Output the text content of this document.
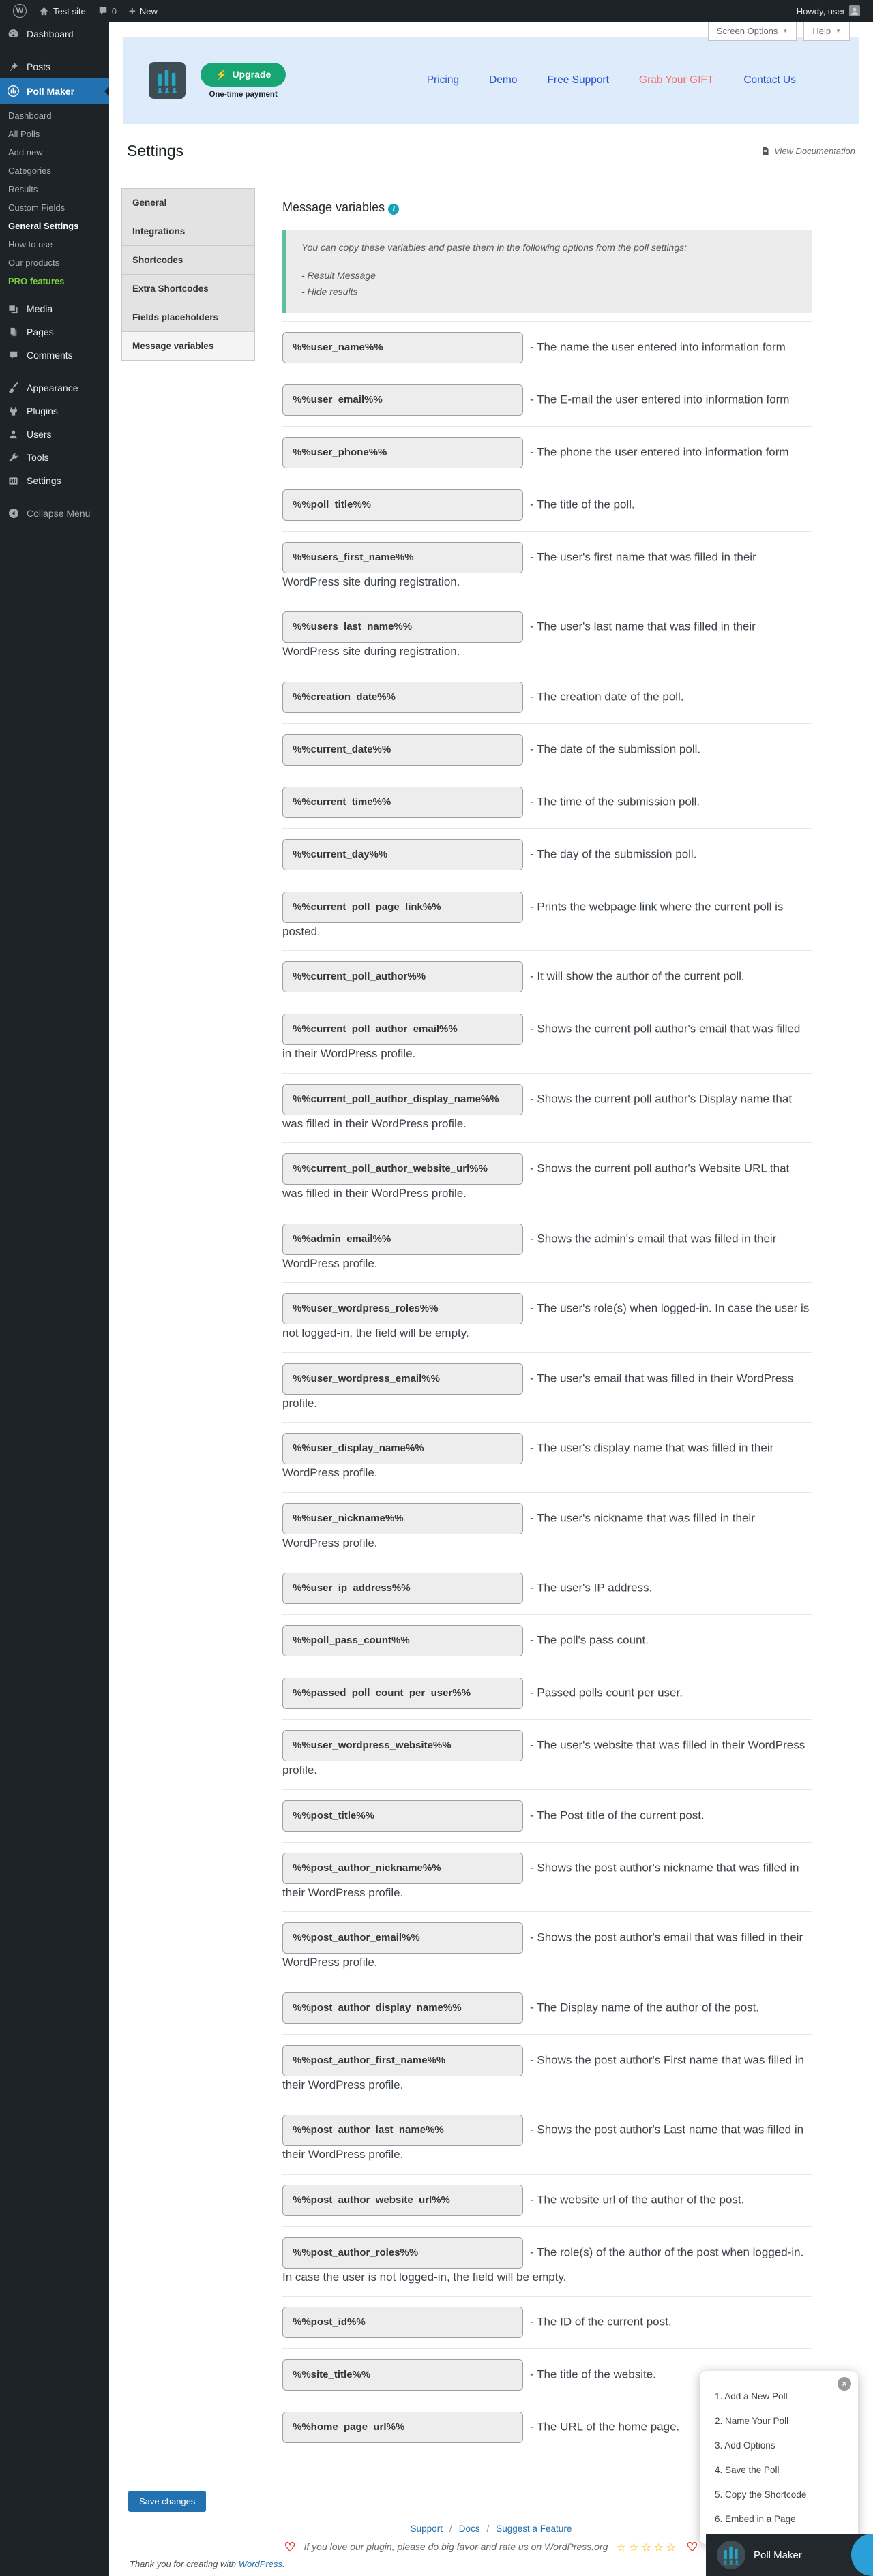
W	Test site	0 + New	Howdy, user
Dashboard
Posts
Poll Maker
Dashboard
All Polls
Add new
Categories
Results
Custom Fields
General Settings
How to use
Our products
PRO features
Media
Pages
Comments
Appearance
Plugins
Users
Tools
Settings
Collapse Menu
Screen Options ▼	Help ▼
⚡ Upgrade
One-time payment
Pricing	Demo	Free Support	Grab Your GIFT	Contact Us
Settings	View Documentation
General
Integrations
Shortcodes
Extra Shortcodes
Fields placeholders
Message variables
Message variables i
You can copy these variables and paste them in the following options from the poll settings:
- Result Message
- Hide results
%%user_name%%	- The name the user entered into information form
%%user_email%%	- The E-mail the user entered into information form
%%user_phone%%	- The phone the user entered into information form
%%poll_title%%	- The title of the poll.
%%users_first_name%%	- The user's first name that was filled in their WordPress site during registration.
%%users_last_name%%	- The user's last name that was filled in their WordPress site during registration.
%%creation_date%%	- The creation date of the poll.
%%current_date%%	- The date of the submission poll.
%%current_time%%	- The time of the submission poll.
%%current_day%%	- The day of the submission poll.
%%current_poll_page_link%%	- Prints the webpage link where the current poll is posted.
%%current_poll_author%%	- It will show the author of the current poll.
%%current_poll_author_email%%	- Shows the current poll author's email that was filled in their WordPress profile.
%%current_poll_author_display_name%%	- Shows the current poll author's Display name that was filled in their WordPress profile.
%%current_poll_author_website_url%%	- Shows the current poll author's Website URL that was filled in their WordPress profile.
%%admin_email%%	- Shows the admin's email that was filled in their WordPress profile.
%%user_wordpress_roles%%	- The user's role(s) when logged-in. In case the user is not logged-in, the field will be empty.
%%user_wordpress_email%%	- The user's email that was filled in their WordPress profile.
%%user_display_name%%	- The user's display name that was filled in their WordPress profile.
%%user_nickname%%	- The user's nickname that was filled in their WordPress profile.
%%user_ip_address%%	- The user's IP address.
%%poll_pass_count%%	- The poll's pass count.
%%passed_poll_count_per_user%%	- Passed polls count per user.
%%user_wordpress_website%%	- The user's website that was filled in their WordPress profile.
%%post_title%%	- The Post title of the current post.
%%post_author_nickname%%	- Shows the post author's nickname that was filled in their WordPress profile.
%%post_author_email%%	- Shows the post author's email that was filled in their WordPress profile.
%%post_author_display_name%%	- The Display name of the author of the post.
%%post_author_first_name%%	- Shows the post author's First name that was filled in their WordPress profile.
%%post_author_last_name%%	- Shows the post author's Last name that was filled in their WordPress profile.
%%post_author_website_url%%	- The website url of the author of the post.
%%post_author_roles%%	- The role(s) of the author of the post when logged-in. In case the user is not logged-in, the field will be empty.
%%post_id%%	- The ID of the current post.
%%site_title%%	- The title of the website.
%%home_page_url%%	- The URL of the home page.
Save changes
×
1. Add a New Poll
2. Name Your Poll
3. Add Options
4. Save the Poll
5. Copy the Shortcode
6. Embed in a Page
Support / Docs / Suggest a Feature
♡ If you love our plugin, please do big favor and rate us on WordPress.org ☆☆☆☆☆ ♡
Thank you for creating with WordPress.
Poll Maker
